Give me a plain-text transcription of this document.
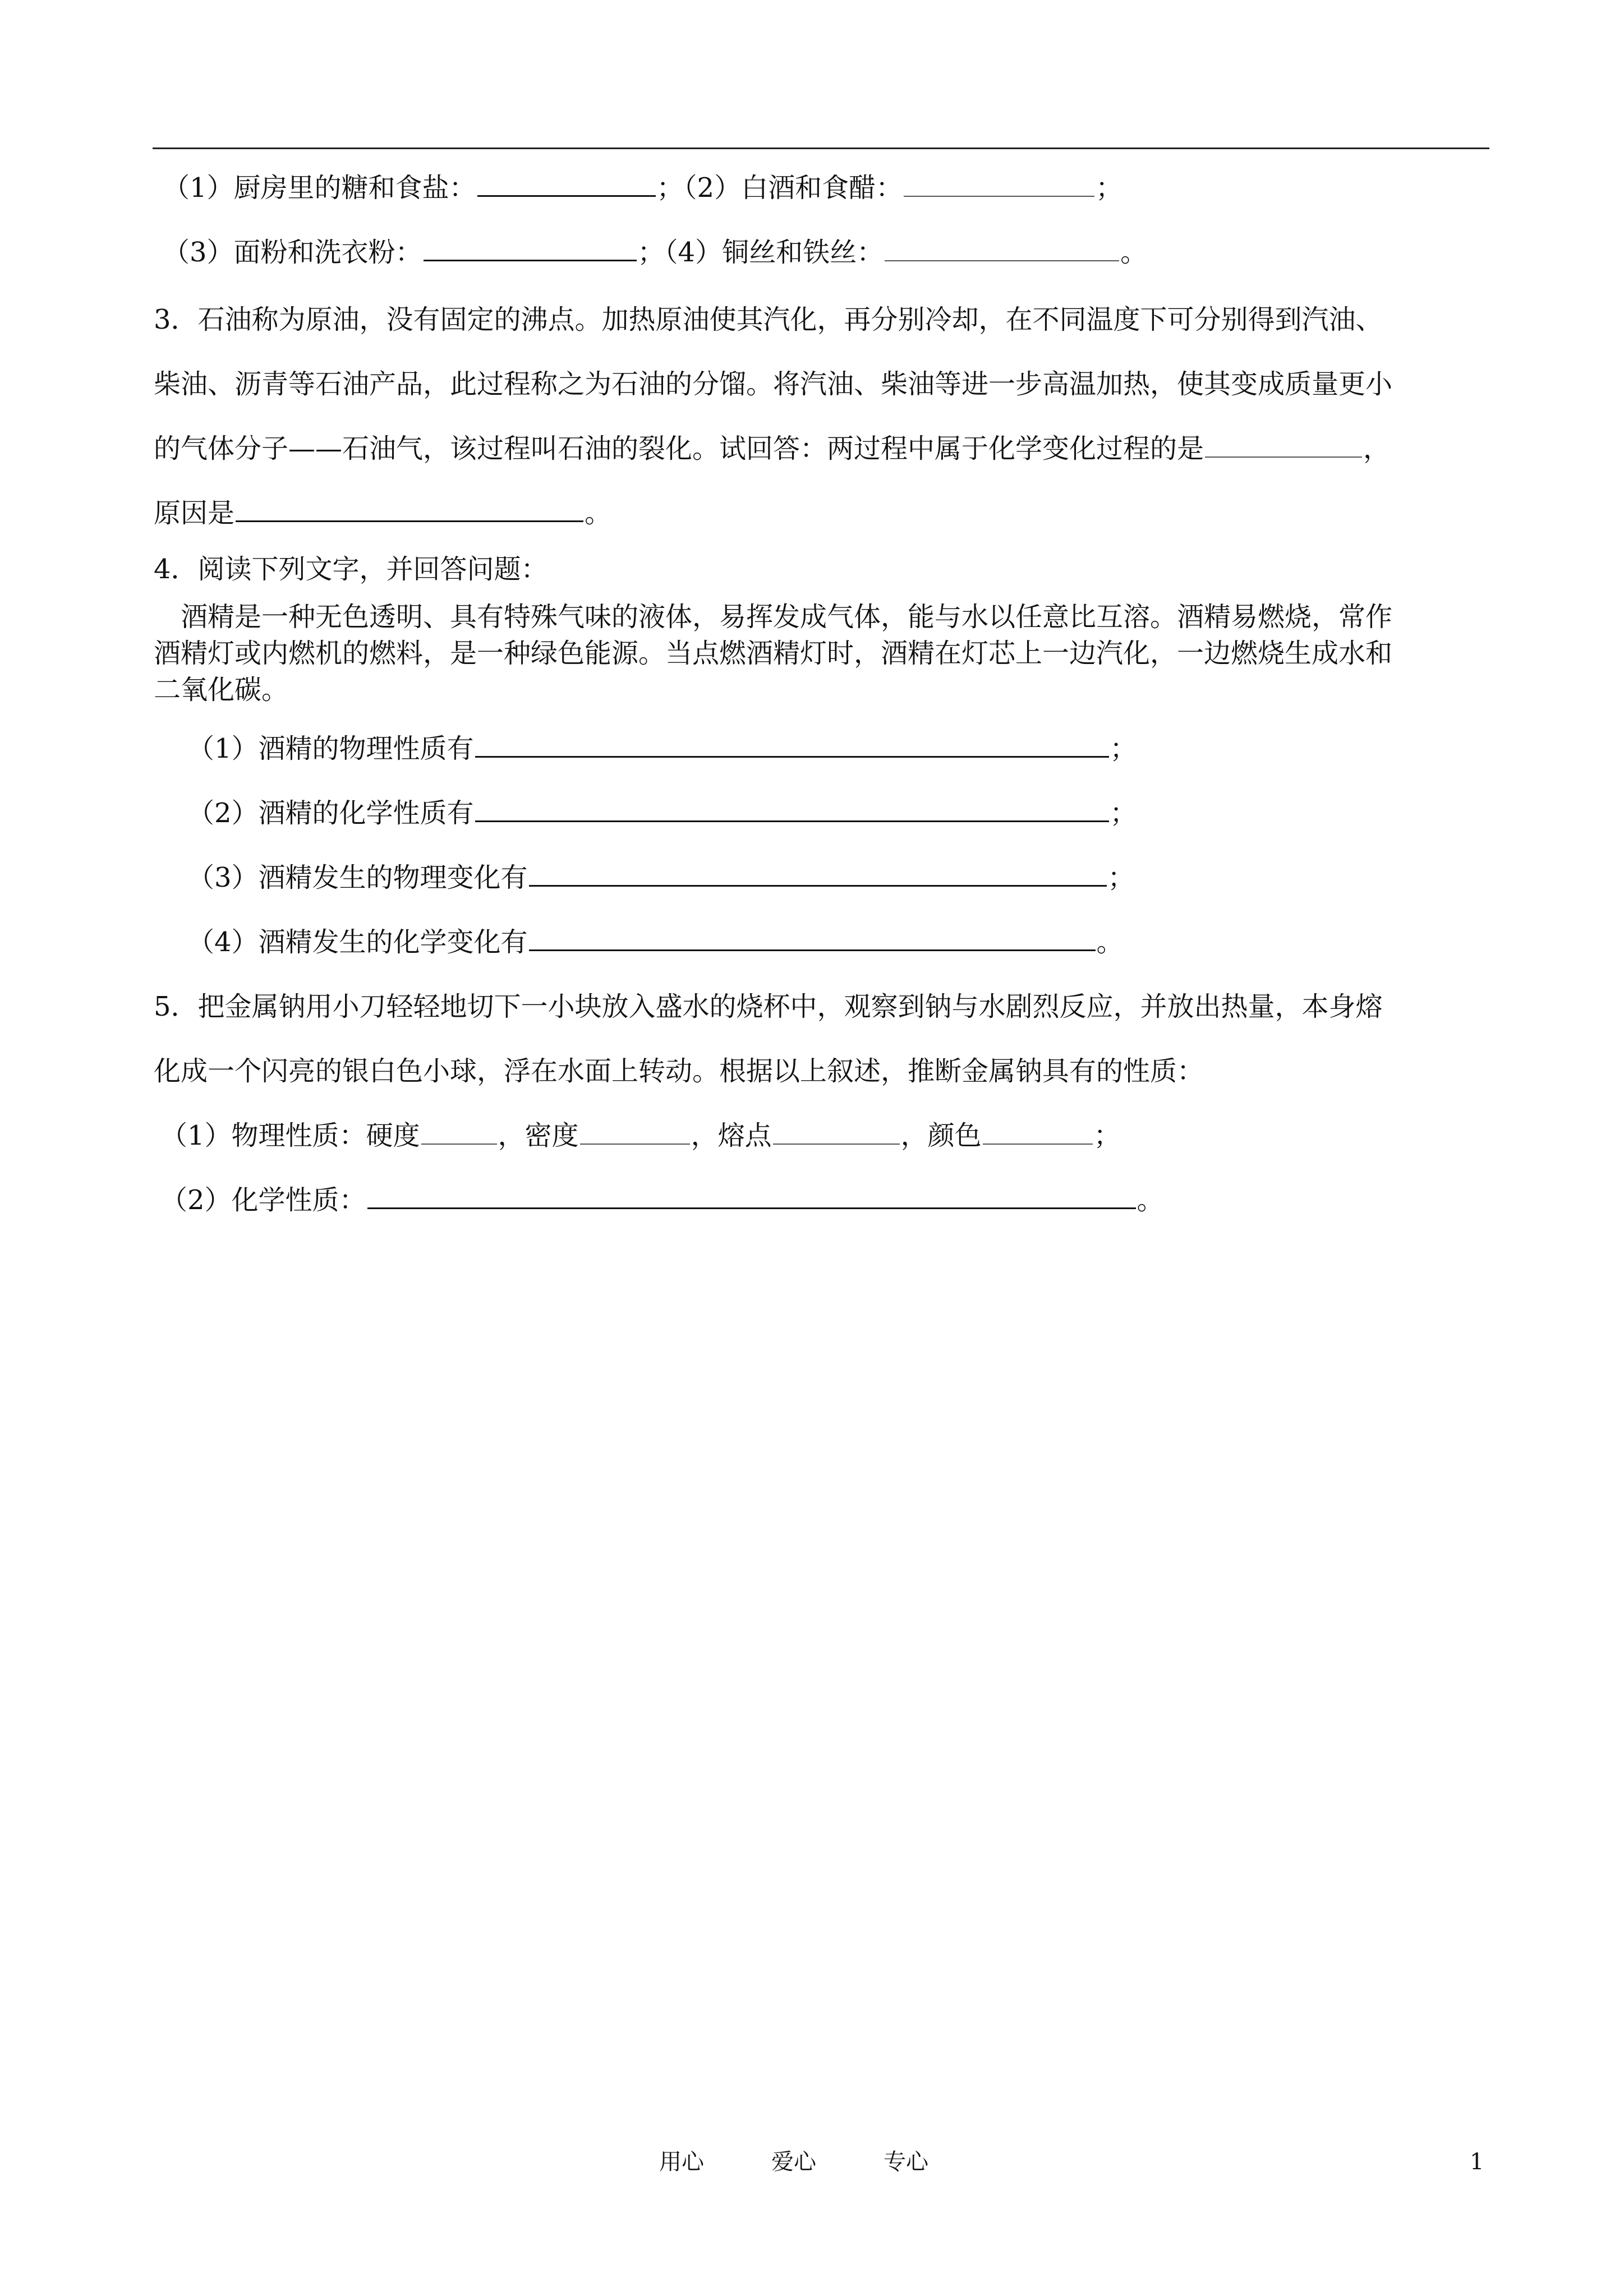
（1）厨房里的糖和食盐：	；（2）白酒和食醋：	；
（3）面粉和洗衣粉：	；（4）铜丝和铁丝：	。
3．石油称为原油，没有固定的沸点。加热原油使其汽化，再分别冷却，在不同温度下可分别得到汽油、
柴油、沥青等石油产品，此过程称之为石油的分馏。将汽油、柴油等进一步高温加热，使其变成质量更小
的气体分子——石油气，该过程叫石油的裂化。试回答：两过程中属于化学变化过程的是	，
原因是	。
4．阅读下列文字，并回答问题：
酒精是一种无色透明、具有特殊气味的液体，易挥发成气体，能与水以任意比互溶。酒精易燃烧，常作
酒精灯或内燃机的燃料，是一种绿色能源。当点燃酒精灯时，酒精在灯芯上一边汽化，一边燃烧生成水和
二氧化碳。
（1）酒精的物理性质有	；
（2）酒精的化学性质有	；
（3）酒精发生的物理变化有	；
（4）酒精发生的化学变化有	。
5．把金属钠用小刀轻轻地切下一小块放入盛水的烧杯中，观察到钠与水剧烈反应，并放出热量，本身熔
化成一个闪亮的银白色小球，浮在水面上转动。根据以上叙述，推断金属钠具有的性质：
（1）物理性质：硬度	，密度	，熔点	，颜色	；
（2）化学性质：	。
用心	爱心	专心	1
